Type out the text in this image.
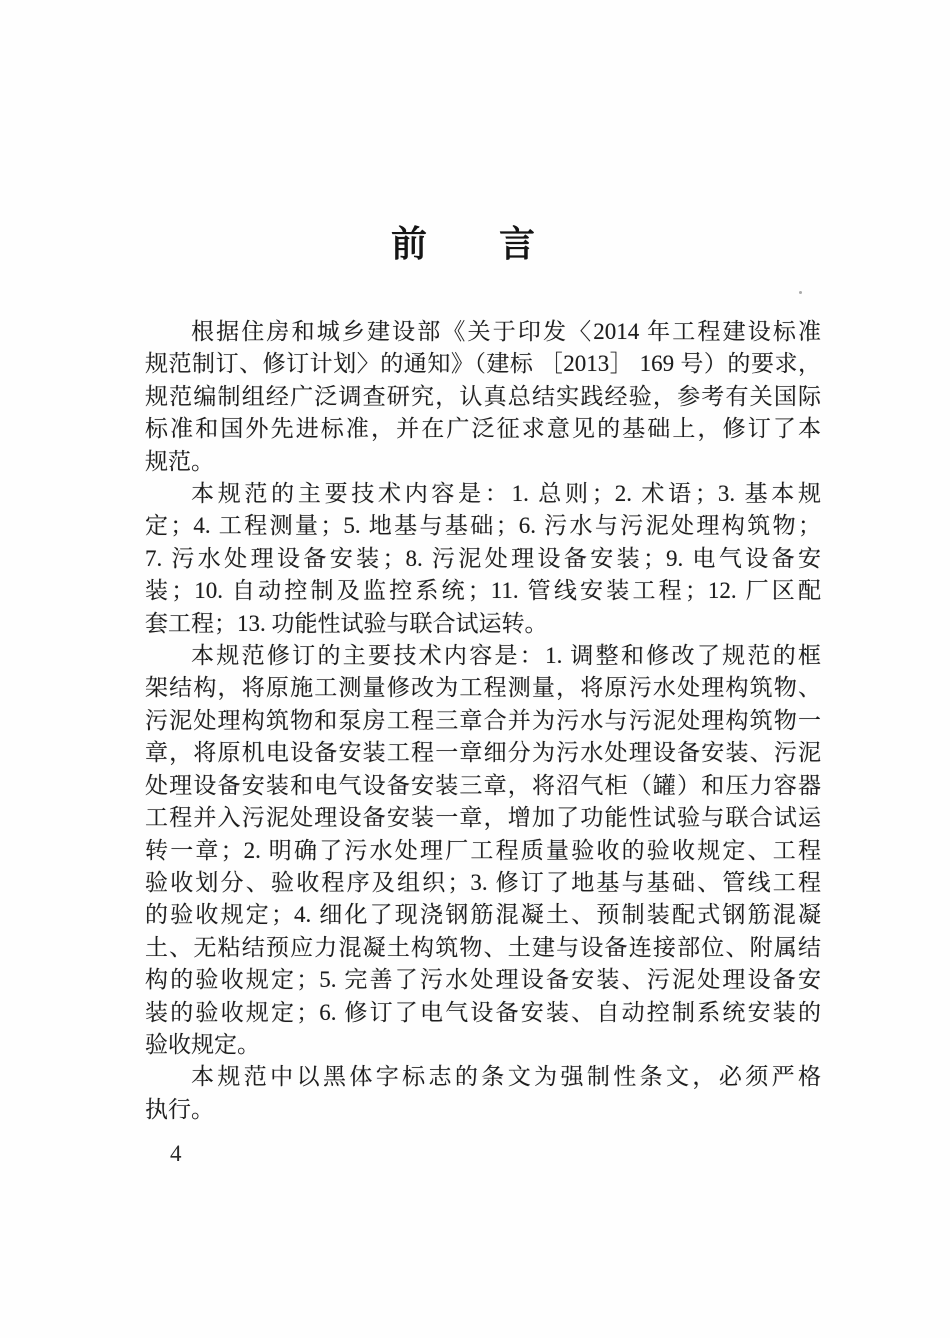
前　　言
根据住房和城乡建设部《关于印发〈2014 年工程建设标准
规范制订、修订计划〉的通知》（建标 ［2013］ 169 号）的要求，
规范编制组经广泛调查研究，认真总结实践经验，参考有关国际
标准和国外先进标准，并在广泛征求意见的基础上，修订了本
规范。
本规范的主要技术内容是：1. 总则；2. 术语；3. 基本规
定；4. 工程测量；5. 地基与基础；6. 污水与污泥处理构筑物；
7. 污水处理设备安装；8. 污泥处理设备安装；9. 电气设备安
装；10. 自动控制及监控系统；11. 管线安装工程；12. 厂区配
套工程；13. 功能性试验与联合试运转。
本规范修订的主要技术内容是：1. 调整和修改了规范的框
架结构，将原施工测量修改为工程测量，将原污水处理构筑物、
污泥处理构筑物和泵房工程三章合并为污水与污泥处理构筑物一
章，将原机电设备安装工程一章细分为污水处理设备安装、污泥
处理设备安装和电气设备安装三章，将沼气柜（罐）和压力容器
工程并入污泥处理设备安装一章，增加了功能性试验与联合试运
转一章；2. 明确了污水处理厂工程质量验收的验收规定、工程
验收划分、验收程序及组织；3. 修订了地基与基础、管线工程
的验收规定；4. 细化了现浇钢筋混凝土、预制装配式钢筋混凝
土、无粘结预应力混凝土构筑物、土建与设备连接部位、附属结
构的验收规定；5. 完善了污水处理设备安装、污泥处理设备安
装的验收规定；6. 修订了电气设备安装、自动控制系统安装的
验收规定。
本规范中以黑体字标志的条文为强制性条文，必须严格
执行。
4
